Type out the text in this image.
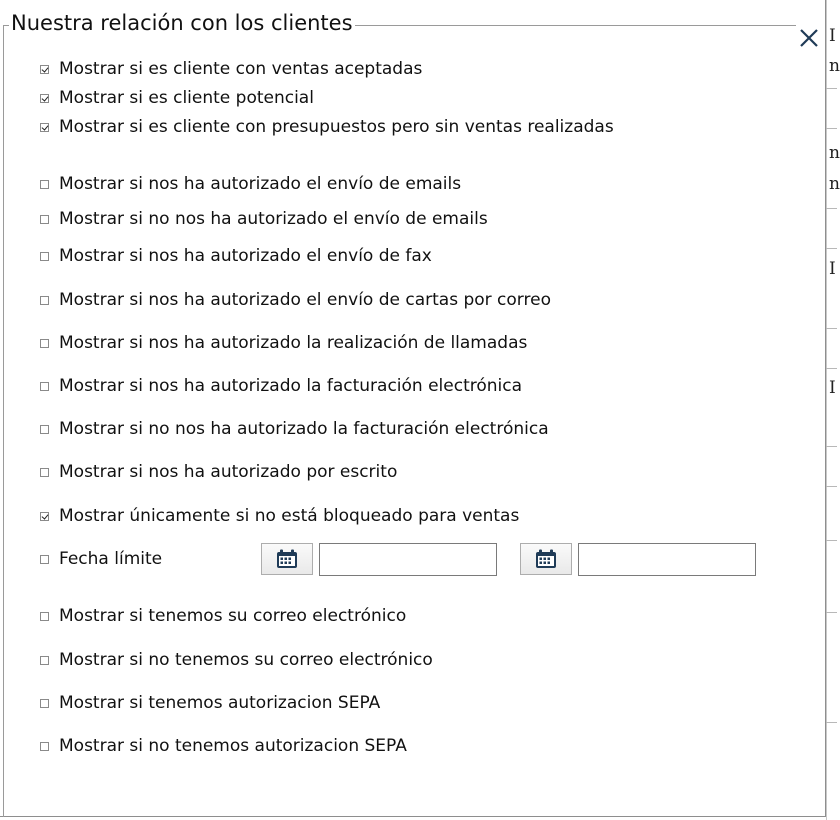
I
n
n
n
I
I
Nuestra relación con los clientes
Mostrar si es cliente con ventas aceptadas
Mostrar si es cliente potencial
Mostrar si es cliente con presupuestos pero sin ventas realizadas
Mostrar si nos ha autorizado el envío de emails
Mostrar si no nos ha autorizado el envío de emails
Mostrar si nos ha autorizado el envío de fax
Mostrar si nos ha autorizado el envío de cartas por correo
Mostrar si nos ha autorizado la realización de llamadas
Mostrar si nos ha autorizado la facturación electrónica
Mostrar si no nos ha autorizado la facturación electrónica
Mostrar si nos ha autorizado por escrito
Mostrar únicamente si no está bloqueado para ventas
Fecha límite
Mostrar si tenemos su correo electrónico
Mostrar si no tenemos su correo electrónico
Mostrar si tenemos autorizacion SEPA
Mostrar si no tenemos autorizacion SEPA
